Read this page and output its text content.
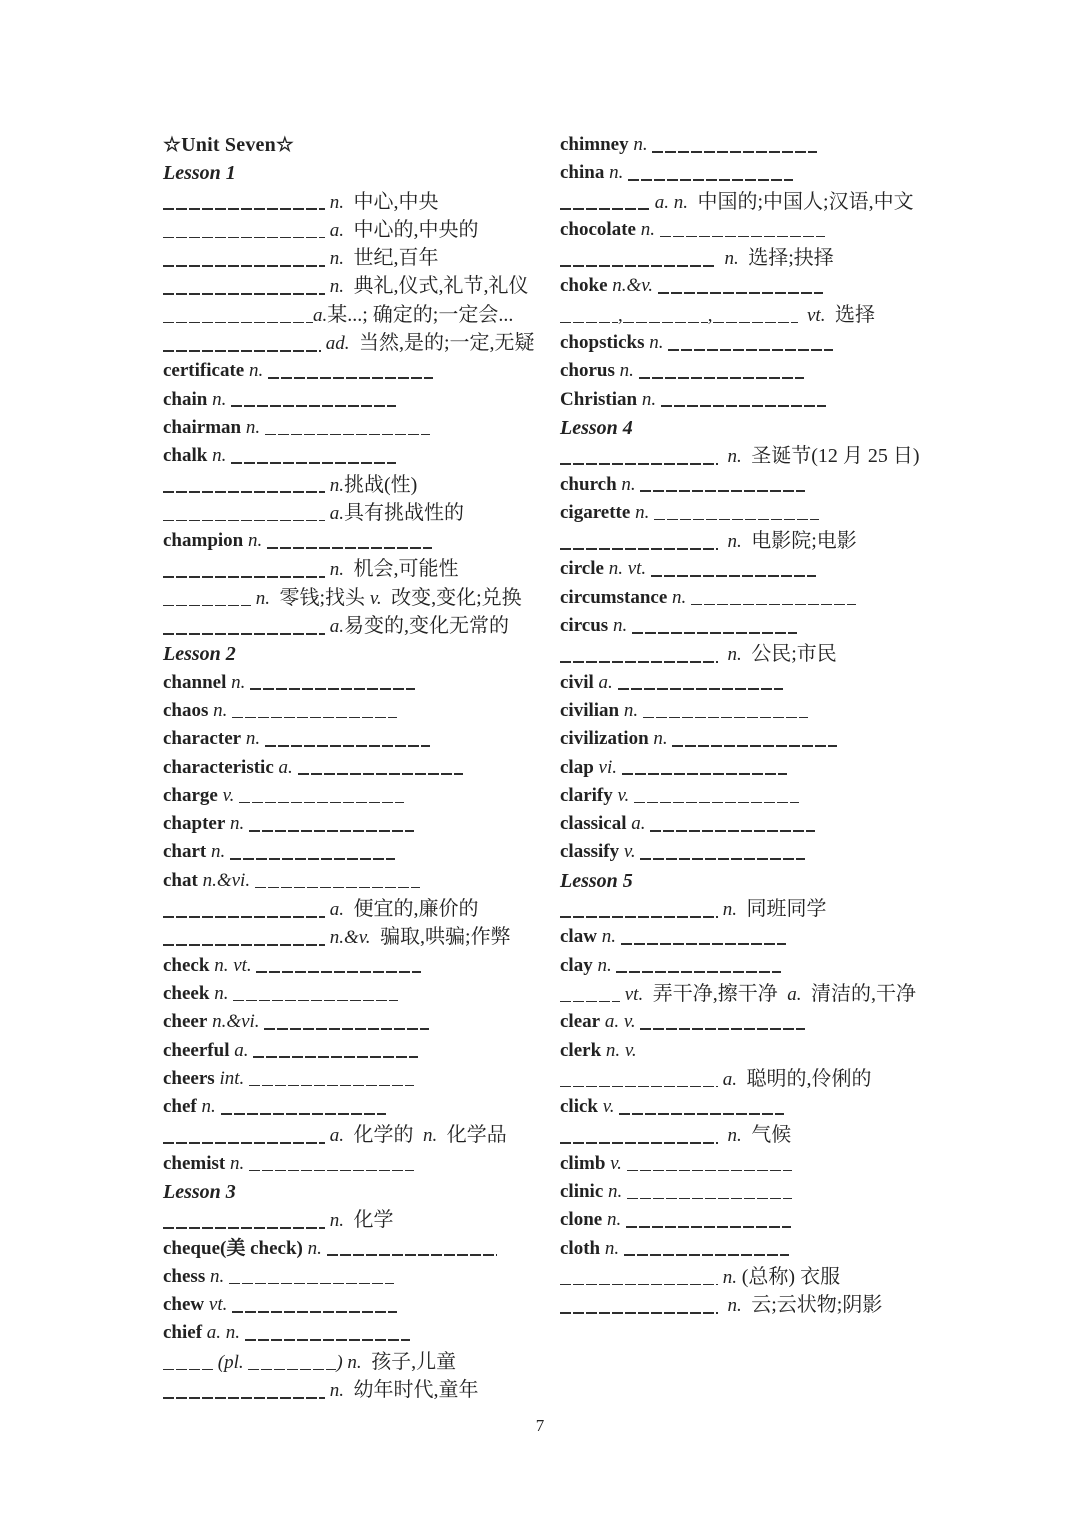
☆Unit Seven☆
Lesson 1
n.  中心,中央
a.  中心的,中央的
n.  世纪,百年
n.  典礼,仪式,礼节,礼仪
a.某...; 确定的;一定会...
ad.  当然,是的;一定,无疑
certificate n.
chain n.
chairman n.
chalk n.
n.挑战(性)
a.具有挑战性的
champion n.
n.  机会,可能性
n.  零钱;找头 v.  改变,变化;兑换
a.易变的,变化无常的
Lesson 2
channel n.
chaos n.
character n.
characteristic a.
charge v.
chapter n.
chart n.
chat n.&vi.
a.  便宜的,廉价的
n.&v.  骗取,哄骗;作弊
check n. vt.
cheek n.
cheer n.&vi.
cheerful a.
cheers int.
chef n.
a.  化学的  n.  化学品
chemist n.
Lesson 3
n.  化学
cheque(美 check) n.
chess n.
chew vt.
chief a. n.
(pl.	) n.  孩子,儿童
n.  幼年时代,童年
chimney n.
china n.
a. n.  中国的;中国人;汉语,中文
chocolate n.
n.  选择;抉择
choke n.&v.
,	,	vt.  选择
chopsticks n.
chorus n.
Christian n.
Lesson 4
n.  圣诞节(12 月 25 日)
church n.
cigarette n.
n.  电影院;电影
circle n. vt.
circumstance n.
circus n.
n.  公民;市民
civil a.
civilian n.
civilization n.
clap vi.
clarify v.
classical a.
classify v.
Lesson 5
n.  同班同学
claw n.
clay n.
vt.  弄干净,擦干净  a.  清洁的,干净
clear a. v.
clerk n. v.
a.  聪明的,伶俐的
click v.
n.  气候
climb v.
clinic n.
clone n.
cloth n.
n. (总称) 衣服
n.  云;云状物;阴影
7
